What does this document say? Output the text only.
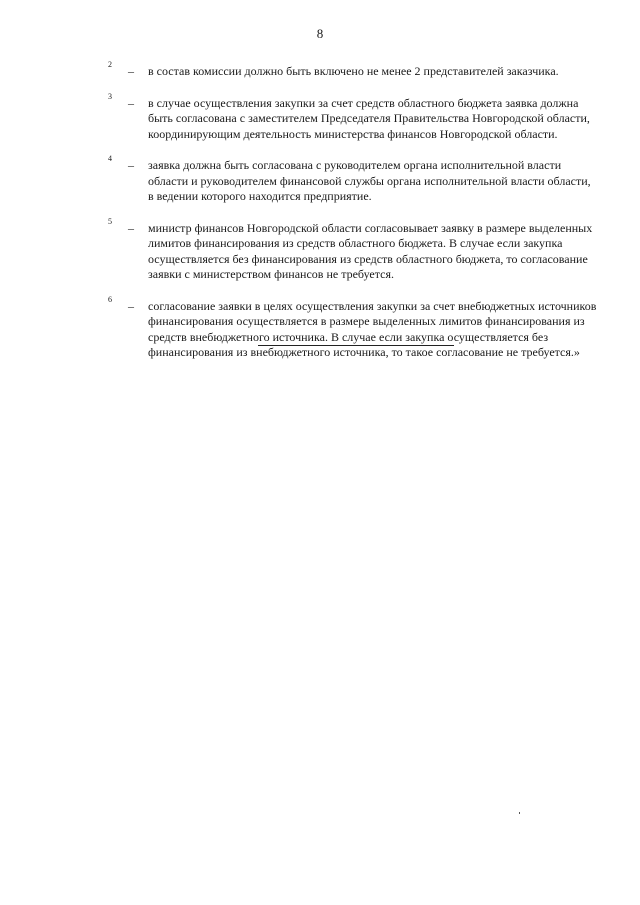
8
2	–	в состав комиссии должно быть включено не менее 2 представителей заказчика.
3	–	в случае осуществления закупки за счет средств областного бюджета заявка должна быть согласована с заместителем Председателя Правительства Новгородской области, координирующим деятельность министерства финансов Новгородской области.
4	–	заявка должна быть согласована с руководителем органа исполнительной власти области и руководителем финансовой службы органа исполнительной власти области, в ведении которого находится предприятие.
5	–	министр финансов Новгородской области согласовывает заявку в размере выделенных лимитов финансирования из средств областного бюджета. В случае если закупка осуществляется без финансирования из средств областного бюджета, то согласование заявки с министерством финансов не требуется.
6	–	согласование заявки в целях осуществления закупки за счет внебюджетных источников финансирования осуществляется в размере выделенных лимитов финансирования из средств внебюджетного источника. В случае если закупка осуществляется без финансирования из внебюджетного источника, то такое согласование не требуется.»
